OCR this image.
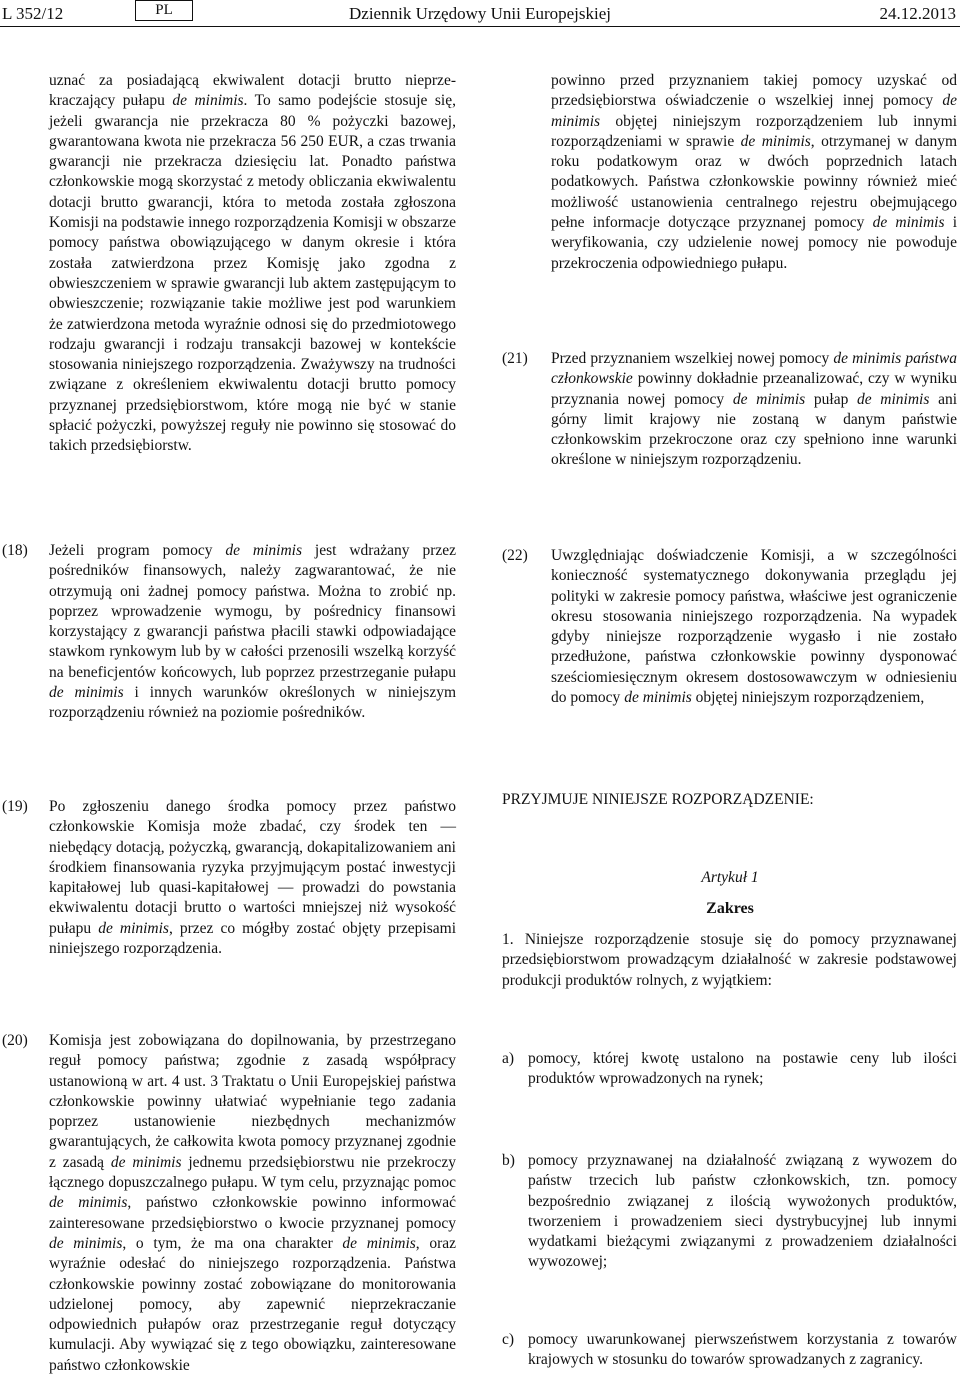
L 352/12	PL	Dziennik Urzędowy Unii Europejskiej	24.12.2013
uznać za posiadającą ekwiwalent dotacji brutto nieprzekraczający pułapu de minimis. To samo podejście stosuje się, jeżeli gwarancja nie przekracza 80 % pożyczki bazowej, gwarantowana kwota nie przekracza 56 250 EUR, a czas trwania gwarancji nie przekracza dziesięciu lat. Ponadto państwa członkowskie mogą skorzystać z metody obliczania ekwiwalentu dotacji brutto gwarancji, która to metoda została zgłoszona Komisji na podstawie innego rozporządzenia Komisji w obszarze pomocy państwa obowiązującego w danym okresie i która została zatwierdzona przez Komisję jako zgodna z obwieszczeniem w sprawie gwarancji lub aktem zastępującym to obwieszczenie; rozwiązanie takie możliwe jest pod warunkiem że zatwierdzona metoda wyraźnie odnosi się do przedmiotowego rodzaju gwarancji i rodzaju transakcji bazowej w kontekście stosowania niniejszego rozporządzenia. Zważywszy na trudności związane z określeniem ekwiwalentu dotacji brutto pomocy przyznanej przedsiębiorstwom, które mogą nie być w stanie spłacić pożyczki, powyższej reguły nie powinno się stosować do takich przedsiębiorstw.
powinno przed przyznaniem takiej pomocy uzyskać od przedsiębiorstwa oświadczenie o wszelkiej innej pomocy de minimis objętej niniejszym rozporządzeniem lub innymi rozporządzeniami w sprawie de minimis, otrzymanej w danym roku podatkowym oraz w dwóch poprzednich latach podatkowych. Państwa członkowskie powinny również mieć możliwość ustanowienia centralnego rejestru obejmującego pełne informacje dotyczące przyznanej pomocy de minimis i weryfikowania, czy udzielenie nowej pomocy nie powoduje przekroczenia odpowiedniego pułapu.
(21)	Przed przyznaniem wszelkiej nowej pomocy de minimis państwa członkowskie powinny dokładnie przeanalizować, czy w wyniku przyznania nowej pomocy de minimis pułap de minimis ani górny limit krajowy nie zostaną w danym państwie członkowskim przekroczone oraz czy spełniono inne warunki określone w niniejszym rozporządzeniu.
(18)	Jeżeli program pomocy de minimis jest wdrażany przez pośredników finansowych, należy zagwarantować, że nie otrzymują oni żadnej pomocy państwa. Można to zrobić np. poprzez wprowadzenie wymogu, by pośrednicy finansowi korzystający z gwarancji państwa płacili stawki odpowiadające stawkom rynkowym lub by w całości przenosili wszelką korzyść na beneficjentów końcowych, lub poprzez przestrzeganie pułapu de minimis i innych warunków określonych w niniejszym rozporządzeniu również na poziomie pośredników.
(22)	Uwzględniając doświadczenie Komisji, a w szczególności konieczność systematycznego dokonywania przeglądu jej polityki w zakresie pomocy państwa, właściwe jest ograniczenie okresu stosowania niniejszego rozporządzenia. Na wypadek gdyby niniejsze rozporządzenie wygasło i nie zostało przedłużone, państwa członkowskie powinny dysponować sześciomiesięcznym okresem dostosowawczym w odniesieniu do pomocy de minimis objętej niniejszym rozporządzeniem,
(19)	Po zgłoszeniu danego środka pomocy przez państwo członkowskie Komisja może zbadać, czy środek ten — niebędący dotacją, pożyczką, gwarancją, dokapitalizowaniem ani środkiem finansowania ryzyka przyjmującym postać inwestycji kapitałowej lub quasi-kapitałowej — prowadzi do powstania ekwiwalentu dotacji brutto o wartości mniejszej niż wysokość pułapu de minimis, przez co mógłby zostać objęty przepisami niniejszego rozporządzenia.
PRZYJMUJE NINIEJSZE ROZPORZĄDZENIE:
Artykuł 1
Zakres
1. Niniejsze rozporządzenie stosuje się do pomocy przyznawanej przedsiębiorstwom prowadzącym działalność w zakresie podstawowej produkcji produktów rolnych, z wyjątkiem:
a) pomocy, której kwotę ustalono na postawie ceny lub ilości produktów wprowadzonych na rynek;
b) pomocy przyznawanej na działalność związaną z wywozem do państw trzecich lub państw członkowskich, tzn. pomocy bezpośrednio związanej z ilością wywożonych produktów, tworzeniem i prowadzeniem sieci dystrybucyjnej lub innymi wydatkami bieżącymi związanymi z prowadzeniem działalności wywozowej;
c) pomocy uwarunkowanej pierwszeństwem korzystania z towarów krajowych w stosunku do towarów sprowadzanych z zagranicy.
(20)	Komisja jest zobowiązana do dopilnowania, by przestrzegano reguł pomocy państwa; zgodnie z zasadą współpracy ustanowioną w art. 4 ust. 3 Traktatu o Unii Europejskiej państwa członkowskie powinny ułatwiać wypełnianie tego zadania poprzez ustanowienie niezbędnych mechanizmów gwarantujących, że całkowita kwota pomocy przyznanej zgodnie z zasadą de minimis jednemu przedsiębiorstwu nie przekroczy łącznego dopuszczalnego pułapu. W tym celu, przyznając pomoc de minimis, państwo członkowskie powinno informować zainteresowane przedsiębiorstwo o kwocie przyznanej pomocy de minimis, o tym, że ma ona charakter de minimis, oraz wyraźnie odesłać do niniejszego rozporządzenia. Państwa członkowskie powinny zostać zobowiązane do monitorowania udzielonej pomocy, aby zapewnić nieprzekraczanie odpowiednich pułapów oraz przestrzeganie reguł dotyczący kumulacji. Aby wywiązać się z tego obowiązku, zainteresowane państwo członkowskie
